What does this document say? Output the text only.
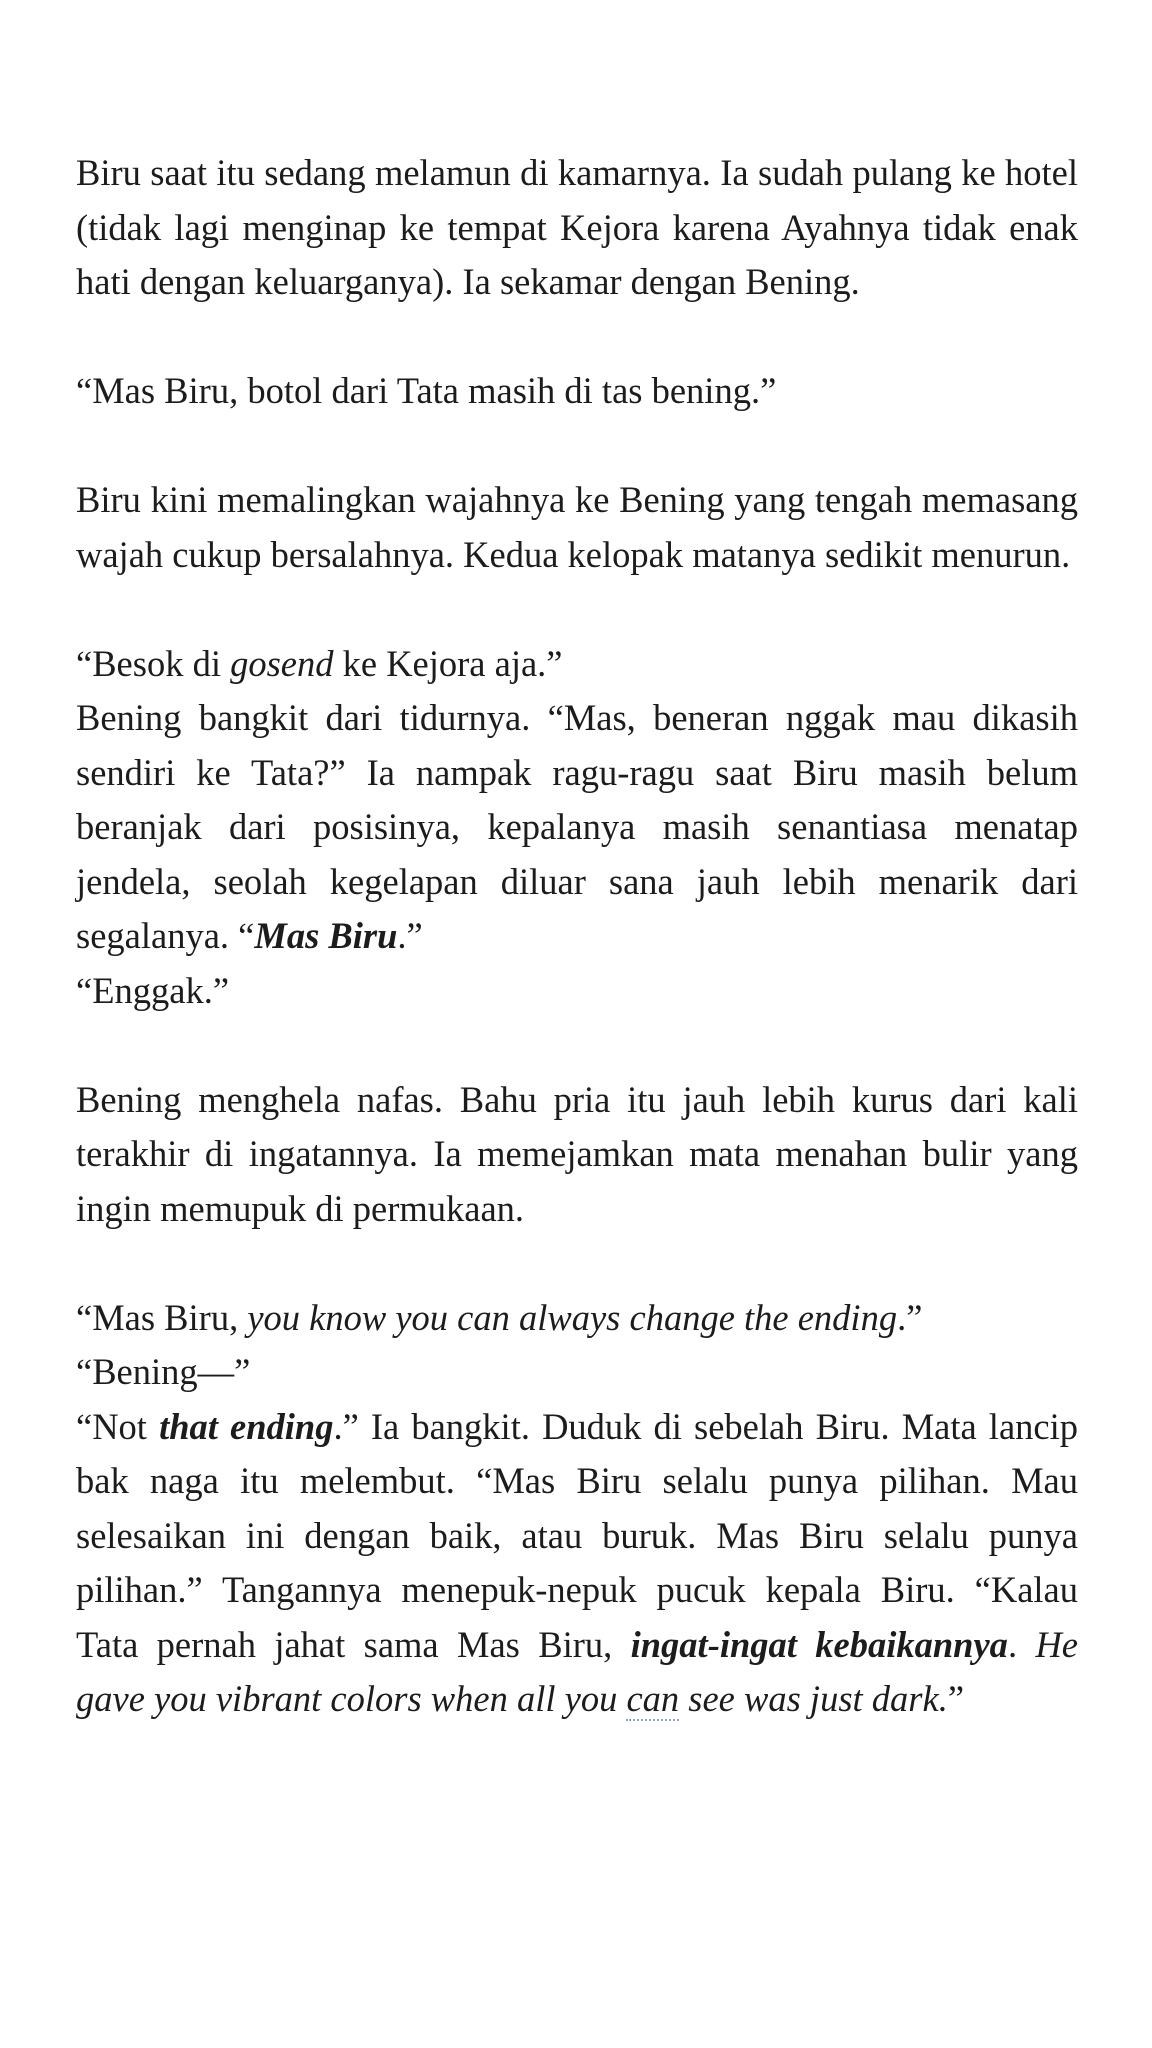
Biru saat itu sedang melamun di kamarnya. Ia sudah pulang ke hotel (tidak lagi menginap ke tempat Kejora karena Ayahnya tidak enak hati dengan keluarganya). Ia sekamar dengan Bening.

“Mas Biru, botol dari Tata masih di tas bening.”

Biru kini memalingkan wajahnya ke Bening yang tengah memasang wajah cukup bersalahnya. Kedua kelopak matanya sedikit menurun.

“Besok di gosend ke Kejora aja.”

Bening bangkit dari tidurnya. “Mas, beneran nggak mau dikasih sendiri ke Tata?” Ia nampak ragu-ragu saat Biru masih belum beranjak dari posisinya, kepalanya masih senantiasa menatap jendela, seolah kegelapan diluar sana jauh lebih menarik dari segalanya. “Mas Biru.”

“Enggak.”

Bening menghela nafas. Bahu pria itu jauh lebih kurus dari kali terakhir di ingatannya. Ia memejamkan mata menahan bulir yang ingin memupuk di permukaan.

“Mas Biru, you know you can always change the ending.”

“Bening—”

“Not that ending.” Ia bangkit. Duduk di sebelah Biru. Mata lancip bak naga itu melembut. “Mas Biru selalu punya pilihan. Mau selesaikan ini dengan baik, atau buruk. Mas Biru selalu punya pilihan.” Tangannya menepuk-nepuk pucuk kepala Biru. “Kalau Tata pernah jahat sama Mas Biru, ingat-ingat kebaikannya. He gave you vibrant colors when all you can see was just dark.”
